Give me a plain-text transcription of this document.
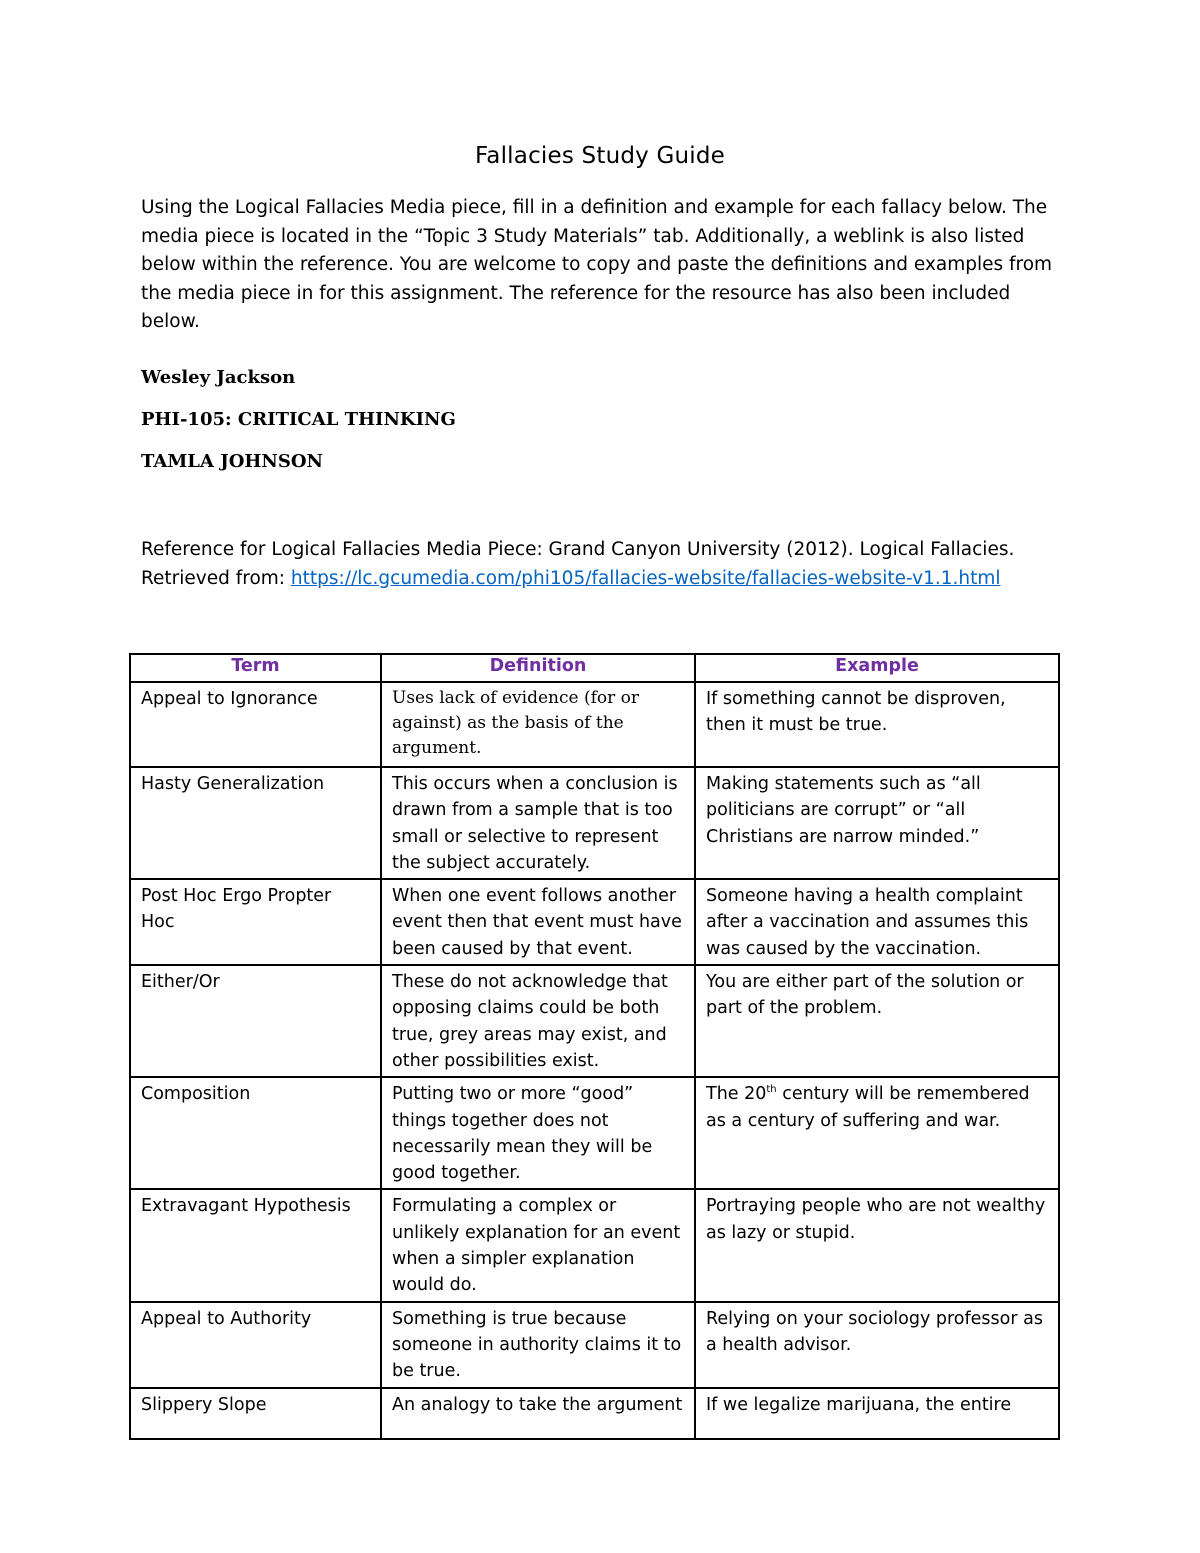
Fallacies Study Guide
Using the Logical Fallacies Media piece, fill in a definition and example for each fallacy below. The media piece is located in the “Topic 3 Study Materials” tab. Additionally, a weblink is also listed below within the reference. You are welcome to copy and paste the definitions and examples from the media piece in for this assignment. The reference for the resource has also been included below.
Wesley Jackson
PHI-105: CRITICAL THINKING
TAMLA JOHNSON
Reference for Logical Fallacies Media Piece: Grand Canyon University (2012). Logical Fallacies. Retrieved from: https://lc.gcumedia.com/phi105/fallacies-website/fallacies-website-v1.1.html
Term	Definition	Example
Appeal to Ignorance	Uses lack of evidence (for or against) as the basis of the argument.	If something cannot be disproven, then it must be true.
Hasty Generalization	This occurs when a conclusion is drawn from a sample that is too small or selective to represent the subject accurately.	Making statements such as “all politicians are corrupt” or “all Christians are narrow minded.”
Post Hoc Ergo Propter Hoc	When one event follows another event then that event must have been caused by that event.	Someone having a health complaint after a vaccination and assumes this was caused by the vaccination.
Either/Or	These do not acknowledge that opposing claims could be both true, grey areas may exist, and other possibilities exist.	You are either part of the solution or part of the problem.
Composition	Putting two or more “good” things together does not necessarily mean they will be good together.	The 20th century will be remembered as a century of suffering and war.
Extravagant Hypothesis	Formulating a complex or unlikely explanation for an event when a simpler explanation would do.	Portraying people who are not wealthy as lazy or stupid.
Appeal to Authority	Something is true because someone in authority claims it to be true.	Relying on your sociology professor as a health advisor.
Slippery Slope	An analogy to take the argument	If we legalize marijuana, the entire
